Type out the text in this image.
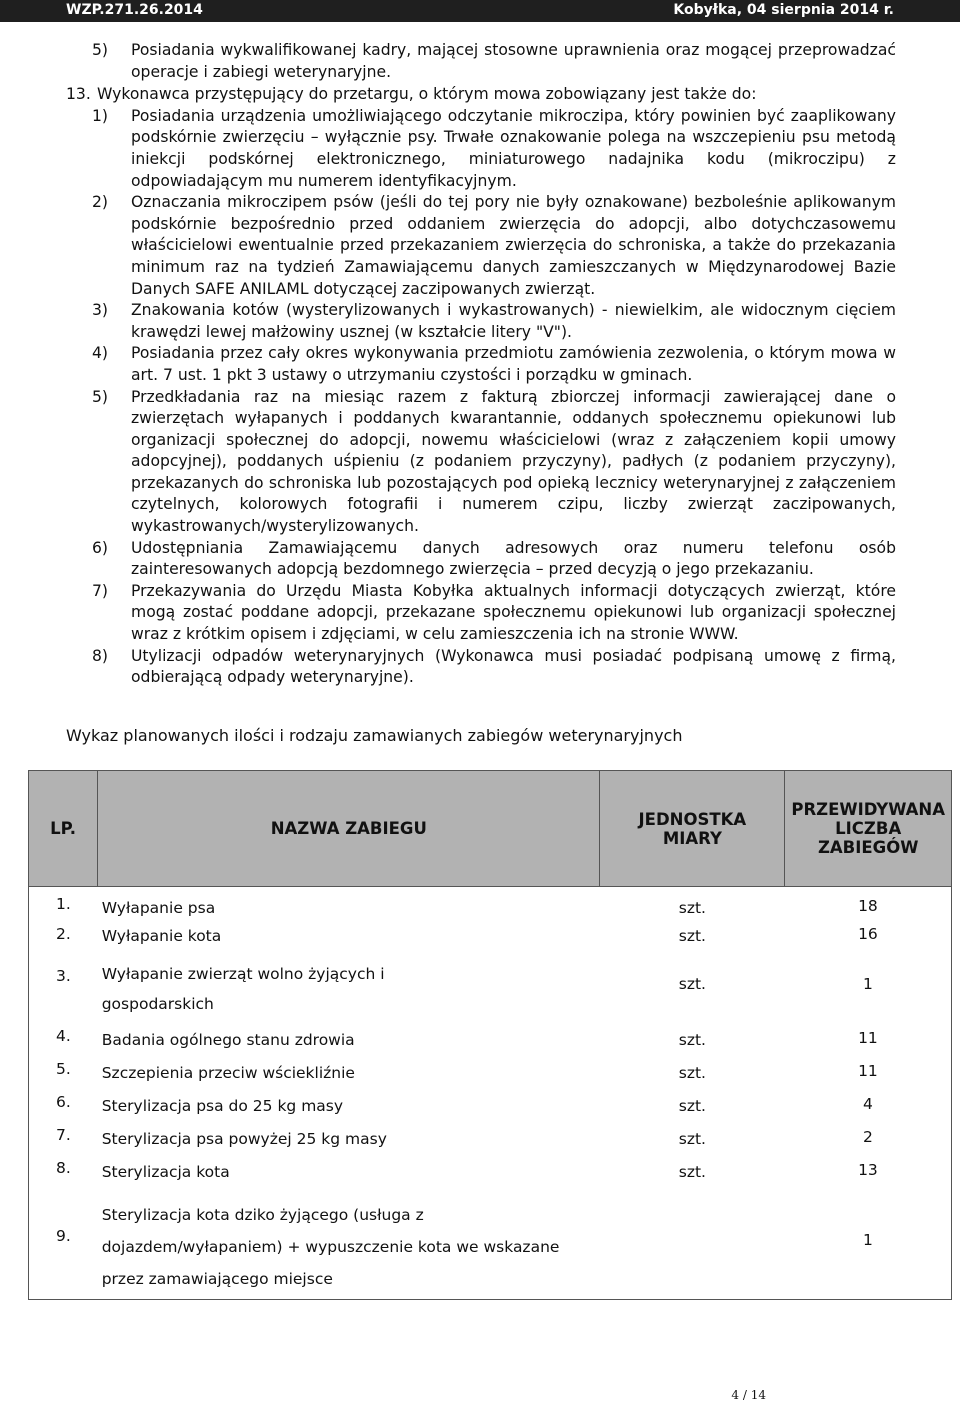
WZP.271.26.2014	Kobyłka, 04 sierpnia 2014 r.
5) Posiadania wykwalifikowanej kadry, mającej stosowne uprawnienia oraz mogącej przeprowadzać operacje i zabiegi weterynaryjne.
13. Wykonawca przystępujący do przetargu, o którym mowa zobowiązany jest także do:
1) Posiadania urządzenia umożliwiającego odczytanie mikroczipa, który powinien być zaaplikowany podskórnie zwierzęciu – wyłącznie psy. Trwałe oznakowanie polega na wszczepieniu psu metodą iniekcji podskórnej elektronicznego, miniaturowego nadajnika kodu (mikroczipu) z odpowiadającym mu numerem identyfikacyjnym.
2) Oznaczania mikroczipem psów (jeśli do tej pory nie były oznakowane) bezboleśnie aplikowanym podskórnie bezpośrednio przed oddaniem zwierzęcia do adopcji, albo dotychczasowemu właścicielowi ewentualnie przed przekazaniem zwierzęcia do schroniska, a także do przekazania minimum raz na tydzień Zamawiającemu danych zamieszczanych w Międzynarodowej Bazie Danych SAFE ANILAML dotyczącej zaczipowanych zwierząt.
3) Znakowania kotów (wysterylizowanych i wykastrowanych) - niewielkim, ale widocznym cięciem krawędzi lewej małżowiny usznej (w kształcie litery "V").
4) Posiadania przez cały okres wykonywania przedmiotu zamówienia zezwolenia, o którym mowa w art. 7 ust. 1 pkt 3 ustawy o utrzymaniu czystości i porządku w gminach.
5) Przedkładania raz na miesiąc razem z fakturą zbiorczej informacji zawierającej dane o zwierzętach wyłapanych i poddanych kwarantannie, oddanych społecznemu opiekunowi lub organizacji społecznej do adopcji, nowemu właścicielowi (wraz z załączeniem kopii umowy adopcyjnej), poddanych uśpieniu (z podaniem przyczyny), padłych (z podaniem przyczyny), przekazanych do schroniska lub pozostających pod opieką lecznicy weterynaryjnej z załączeniem czytelnych, kolorowych fotografii i numerem czipu, liczby zwierząt zaczipowanych, wykastrowanych/wysterylizowanych.
6) Udostępniania Zamawiającemu danych adresowych oraz numeru telefonu osób zainteresowanych adopcją bezdomnego zwierzęcia – przed decyzją o jego przekazaniu.
7) Przekazywania do Urzędu Miasta Kobyłka aktualnych informacji dotyczących zwierząt, które mogą zostać poddane adopcji, przekazane społecznemu opiekunowi lub organizacji społecznej wraz z krótkim opisem i zdjęciami, w celu zamieszczenia ich na stronie WWW.
8) Utylizacji odpadów weterynaryjnych (Wykonawca musi posiadać podpisaną umowę z firmą, odbierającą odpady weterynaryjne).
Wykaz planowanych ilości i rodzaju zamawianych zabiegów weterynaryjnych
LP.	NAZWA ZABIEGU	JEDNOSTKA MIARY	PRZEWIDYWANA LICZBA ZABIEGÓW
1.	Wyłapanie psa	szt.	18
2.	Wyłapanie kota	szt.	16
3.	Wyłapanie zwierząt wolno żyjących i gospodarskich	szt.	1
4.	Badania ogólnego stanu zdrowia	szt.	11
5.	Szczepienia przeciw wściekliźnie	szt.	11
6.	Sterylizacja psa do 25 kg masy	szt.	4
7.	Sterylizacja psa powyżej 25 kg masy	szt.	2
8.	Sterylizacja kota	szt.	13
9.	Sterylizacja kota dziko żyjącego (usługa z dojazdem/wyłapaniem) + wypuszczenie kota we wskazane przez zamawiającego miejsce		1
4 / 14
